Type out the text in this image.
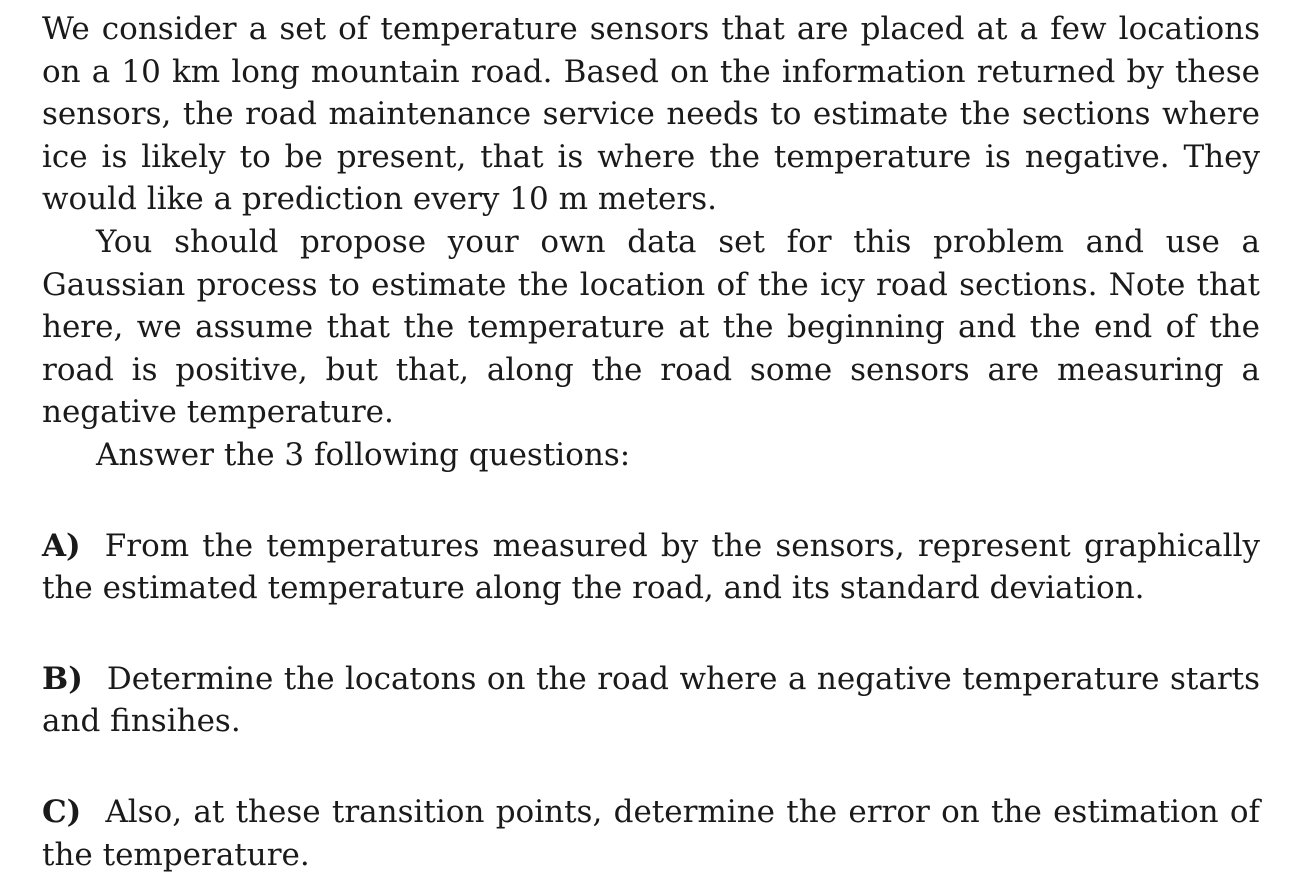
We consider a set of temperature sensors that are placed at a few locations on a 10 km long mountain road. Based on the information returned by these sensors, the road maintenance service needs to estimate the sections where ice is likely to be present, that is where the temperature is negative. They would like a prediction every 10 m meters.

You should propose your own data set for this problem and use a Gaussian process to estimate the location of the icy road sections. Note that here, we assume that the temperature at the beginning and the end of the road is positive, but that, along the road some sensors are measuring a negative temperature.

Answer the 3 following questions:

A) From the temperatures measured by the sensors, represent graphically the estimated temperature along the road, and its standard deviation.

B) Determine the locatons on the road where a negative temperature starts and finsihes.

C) Also, at these transition points, determine the error on the estimation of the temperature.
